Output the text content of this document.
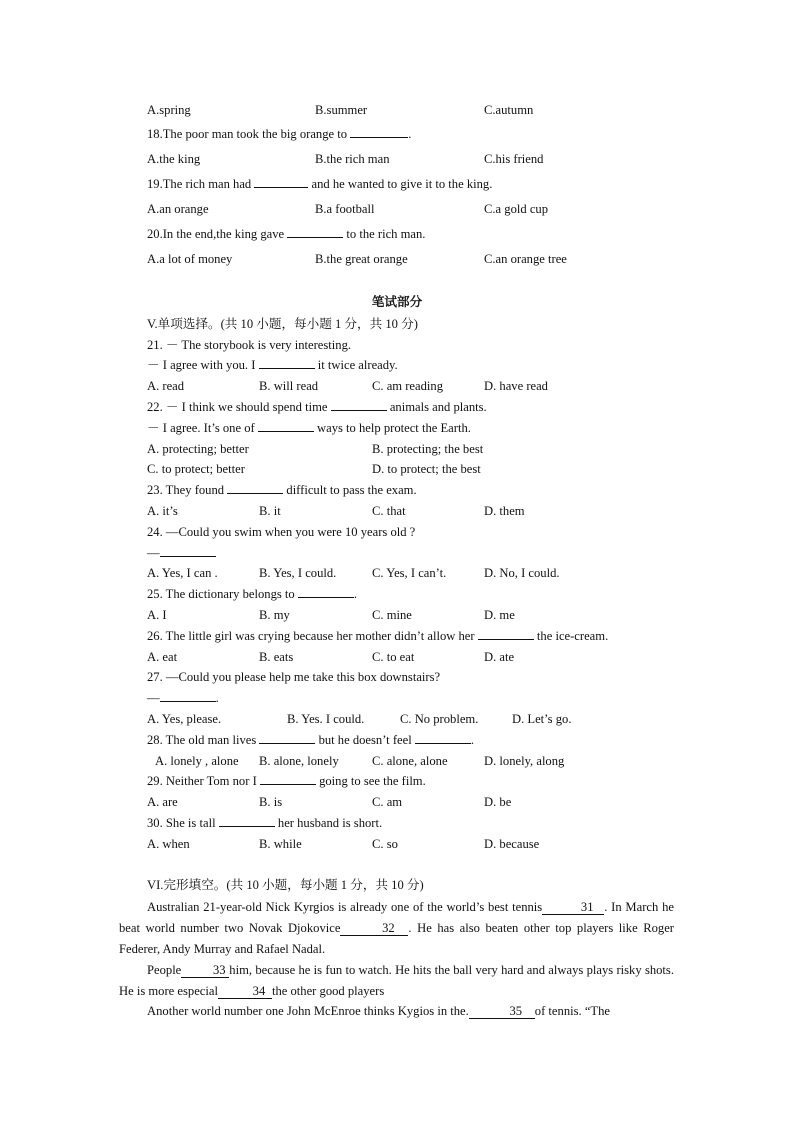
A.spring	B.summer	C.autumn
18.The poor man took the big orange to	.
A.the king	B.the rich man	C.his friend
19.The rich man had	and he wanted to give it to the king.
A.an orange	B.a football	C.a gold cup
20.In the end,the king gave	to the rich man.
A.a lot of money	B.the great orange	C.an orange tree
笔试部分
V.单项选择。(共 10 小题，每小题 1 分，共 10 分)
21. － The storybook is very interesting.
－ I agree with you. I	it twice already.
A. read	B. will read	C. am reading	D. have read
22. － I think we should spend time	animals and plants.
－ I agree. It’s one of	ways to help protect the Earth.
A. protecting; better	B. protecting; the best
C. to protect; better	D. to protect; the best
23. They found	difficult to pass the exam.
A. it’s	B. it	C. that	D. them
24. —Could you swim when you were 10 years old ?
—
A. Yes, I can .	B. Yes, I could.	C. Yes, I can’t.	D. No, I could.
25. The dictionary belongs to	.
A. I	B. my	C. mine	D. me
26. The little girl was crying because her mother didn’t allow her	the ice-cream.
A. eat	B. eats	C. to eat	D. ate
27. —Could you please help me take this box downstairs?
—	.
A. Yes, please.	B. Yes. I could.	C. No problem.	D. Let’s go.
28. The old man lives	but he doesn’t feel	.
A. lonely , alone B. alone, lonely	C. alone, alone	D. lonely, along
29. Neither Tom nor I	going to see the film.
A. are	B. is	C. am	D. be
30. She is tall	her husband is short.
A. when	B. while	C. so	D. because
VI.完形填空。(共 10 小题，每小题 1 分，共 10 分)
Australian 21-year-old Nick Kyrgios is already one of the world’s best tennis	31 . In March he beat world number two Novak Djokovice	32 . He has also beaten other top players like Roger Federer, Andy Murray and Rafael Nadal.
People	33 him, because he is fun to watch. He hits the ball very hard and always plays risky shots. He is more especial	34 the other good players
Another world number one John McEnroe thinks Kygios in the.	35 of tennis. “The
